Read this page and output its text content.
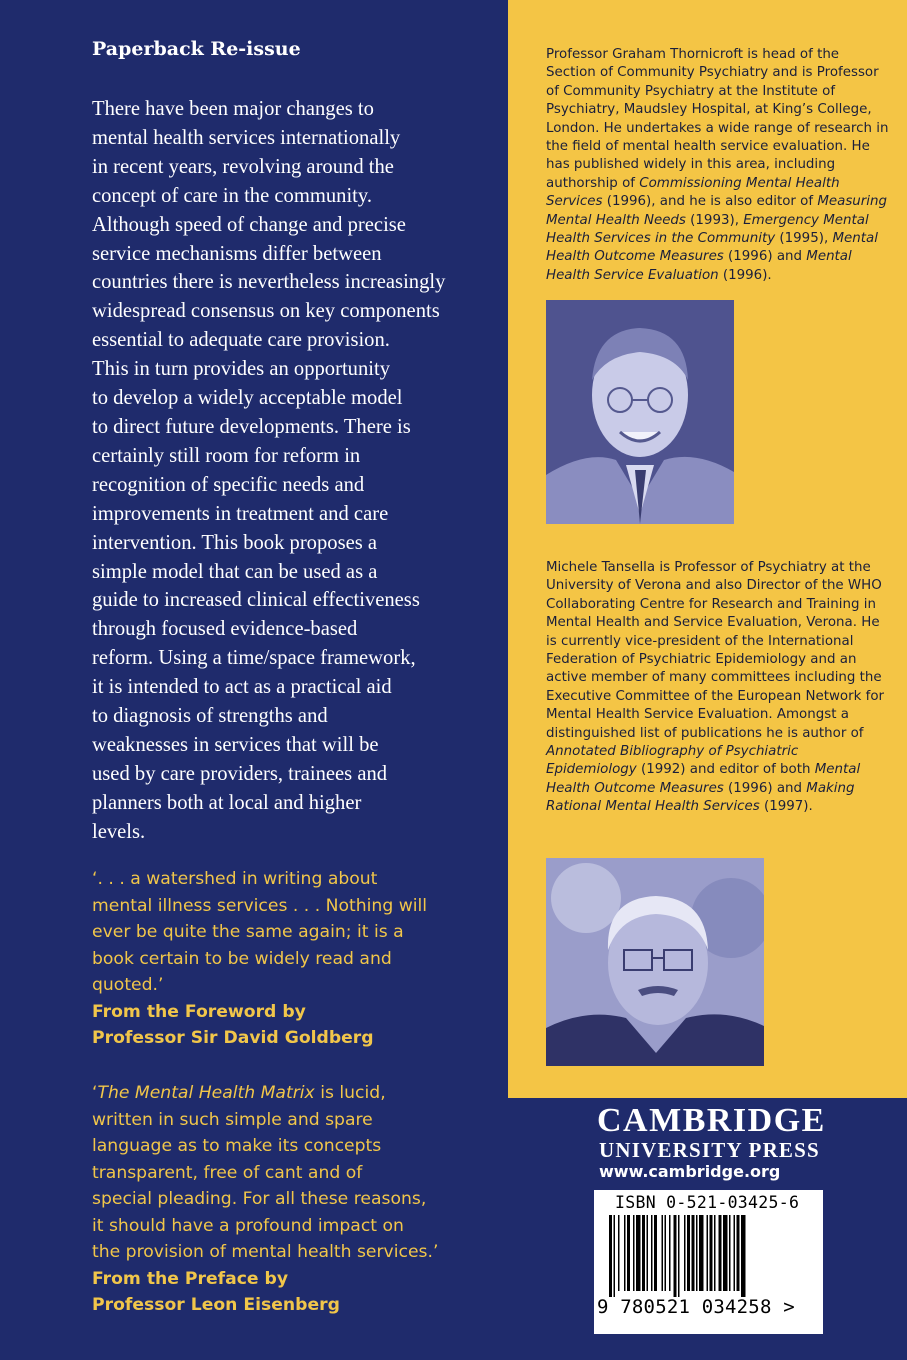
Paperback Re-issue
There have been major changes to
mental health services internationally
in recent years, revolving around the
concept of care in the community.
Although speed of change and precise
service mechanisms differ between
countries there is nevertheless increasingly
widespread consensus on key components
essential to adequate care provision.
This in turn provides an opportunity
to develop a widely acceptable model
to direct future developments. There is
certainly still room for reform in
recognition of specific needs and
improvements in treatment and care
intervention. This book proposes a
simple model that can be used as a
guide to increased clinical effectiveness
through focused evidence-based
reform. Using a time/space framework,
it is intended to act as a practical aid
to diagnosis of strengths and
weaknesses in services that will be
used by care providers, trainees and
planners both at local and higher
levels.
‘. . . a watershed in writing about
mental illness services . . . Nothing will
ever be quite the same again; it is a
book certain to be widely read and
quoted.’
From the Foreword by
Professor Sir David Goldberg
‘The Mental Health Matrix is lucid,
written in such simple and spare
language as to make its concepts
transparent, free of cant and of
special pleading. For all these reasons,
it should have a profound impact on
the provision of mental health services.’
From the Preface by
Professor Leon Eisenberg

Professor Graham Thornicroft is head of the Section of Community Psychiatry and is Professor of Community Psychiatry at the Institute of Psychiatry, Maudsley Hospital, at King’s College, London. He undertakes a wide range of research in the field of mental health service evaluation. He has published widely in this area, including authorship of Commissioning Mental Health Services (1996), and he is also editor of Measuring Mental Health Needs (1993), Emergency Mental Health Services in the Community (1995), Mental Health Outcome Measures (1996) and Mental Health Service Evaluation (1996).

Michele Tansella is Professor of Psychiatry at the University of Verona and also Director of the WHO Collaborating Centre for Research and Training in Mental Health and Service Evaluation, Verona. He is currently vice-president of the International Federation of Psychiatric Epidemiology and an active member of many committees including the Executive Committee of the European Network for Mental Health Service Evaluation. Amongst a distinguished list of publications he is author of Annotated Bibliography of Psychiatric Epidemiology (1992) and editor of both Mental Health Outcome Measures (1996) and Making Rational Mental Health Services (1997).

CAMBRIDGE
UNIVERSITY PRESS
www.cambridge.org
ISBN 0-521-03425-6
9 780521 034258 >
